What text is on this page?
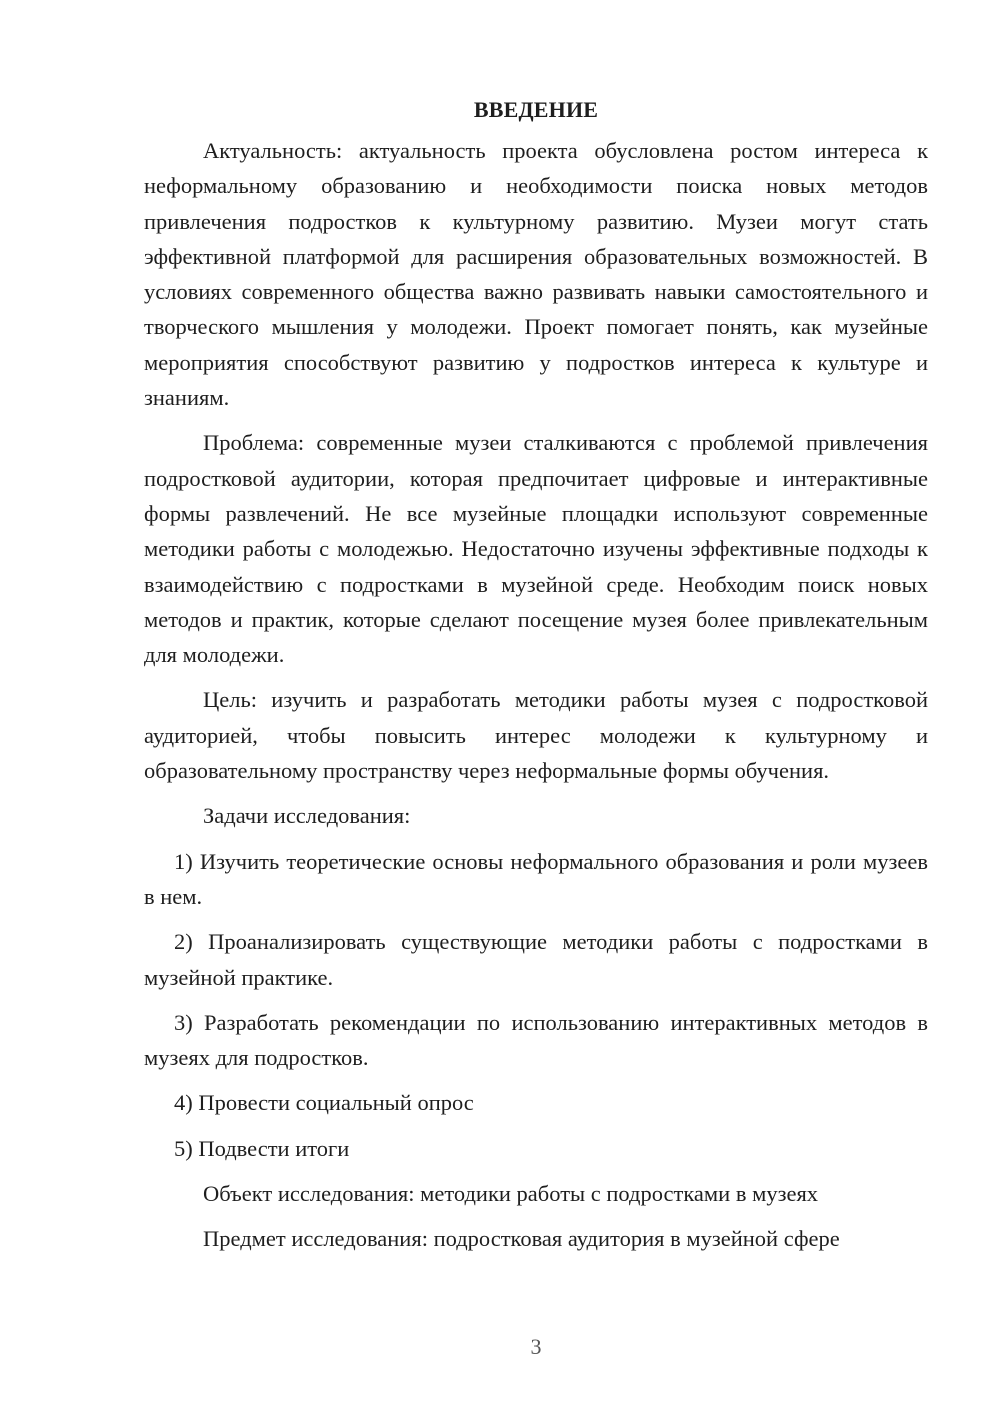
ВВЕДЕНИЕ

Актуальность: актуальность проекта обусловлена ростом интереса к неформальному образованию и необходимости поиска новых методов привлечения подростков к культурному развитию. Музеи могут стать эффективной платформой для расширения образовательных возможностей. В условиях современного общества важно развивать навыки самостоятельного и творческого мышления у молодежи. Проект помогает понять, как музейные мероприятия способствуют развитию у подростков интереса к культуре и знаниям.

Проблема: современные музеи сталкиваются с проблемой привлечения подростковой аудитории, которая предпочитает цифровые и интерактивные формы развлечений. Не все музейные площадки используют современные методики работы с молодежью. Недостаточно изучены эффективные подходы к взаимодействию с подростками в музейной среде. Необходим поиск новых методов и практик, которые сделают посещение музея более привлекательным для молодежи.

Цель: изучить и разработать методики работы музея с подростковой аудиторией, чтобы повысить интерес молодежи к культурному и образовательному пространству через неформальные формы обучения.

Задачи исследования:

1) Изучить теоретические основы неформального образования и роли музеев в нем.

2) Проанализировать существующие методики работы с подростками в музейной практике.

3) Разработать рекомендации по использованию интерактивных методов в музеях для подростков.

4) Провести социальный опрос

5) Подвести итоги

Объект исследования: методики работы с подростками в музеях

Предмет исследования: подростковая аудитория в музейной сфере

3
